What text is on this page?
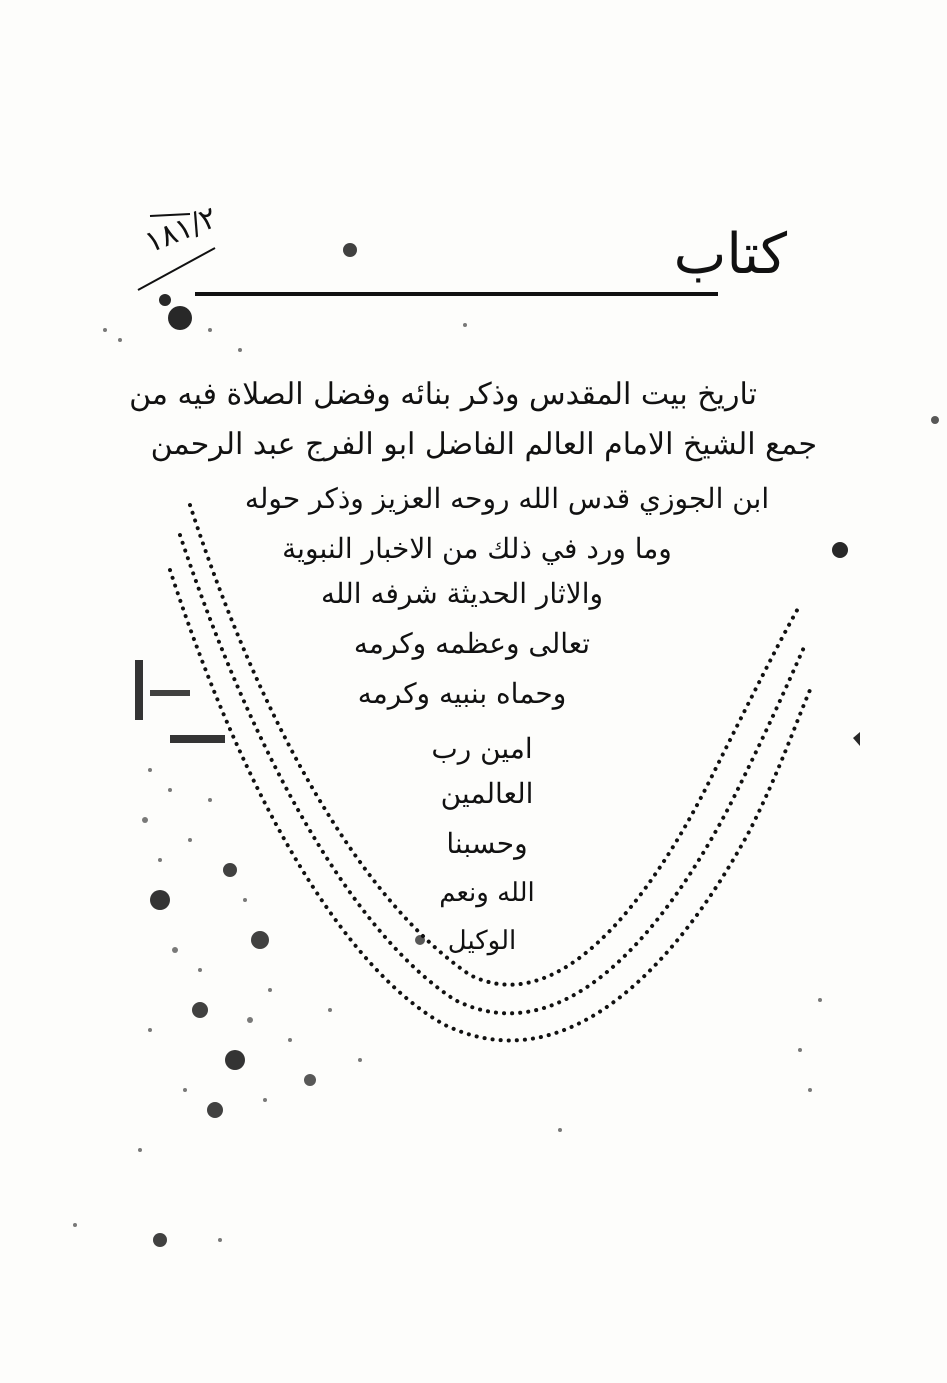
١٨١/٢	كتاب
تاريخ بيت المقدس وذكر بنائه وفضل الصلاة فيه من
جمع الشيخ الامام العالم الفاضل ابو الفرج عبد الرحمن
ابن الجوزي قدس الله روحه العزيز وذكر حوله
وما ورد في ذلك من الاخبار النبوية
والاثار الحديثة شرفه الله
تعالى وعظمه وكرمه
وحماه بنبيه وكرمه
امين رب
العالمين
وحسبنا
الله ونعم
الوكيل
